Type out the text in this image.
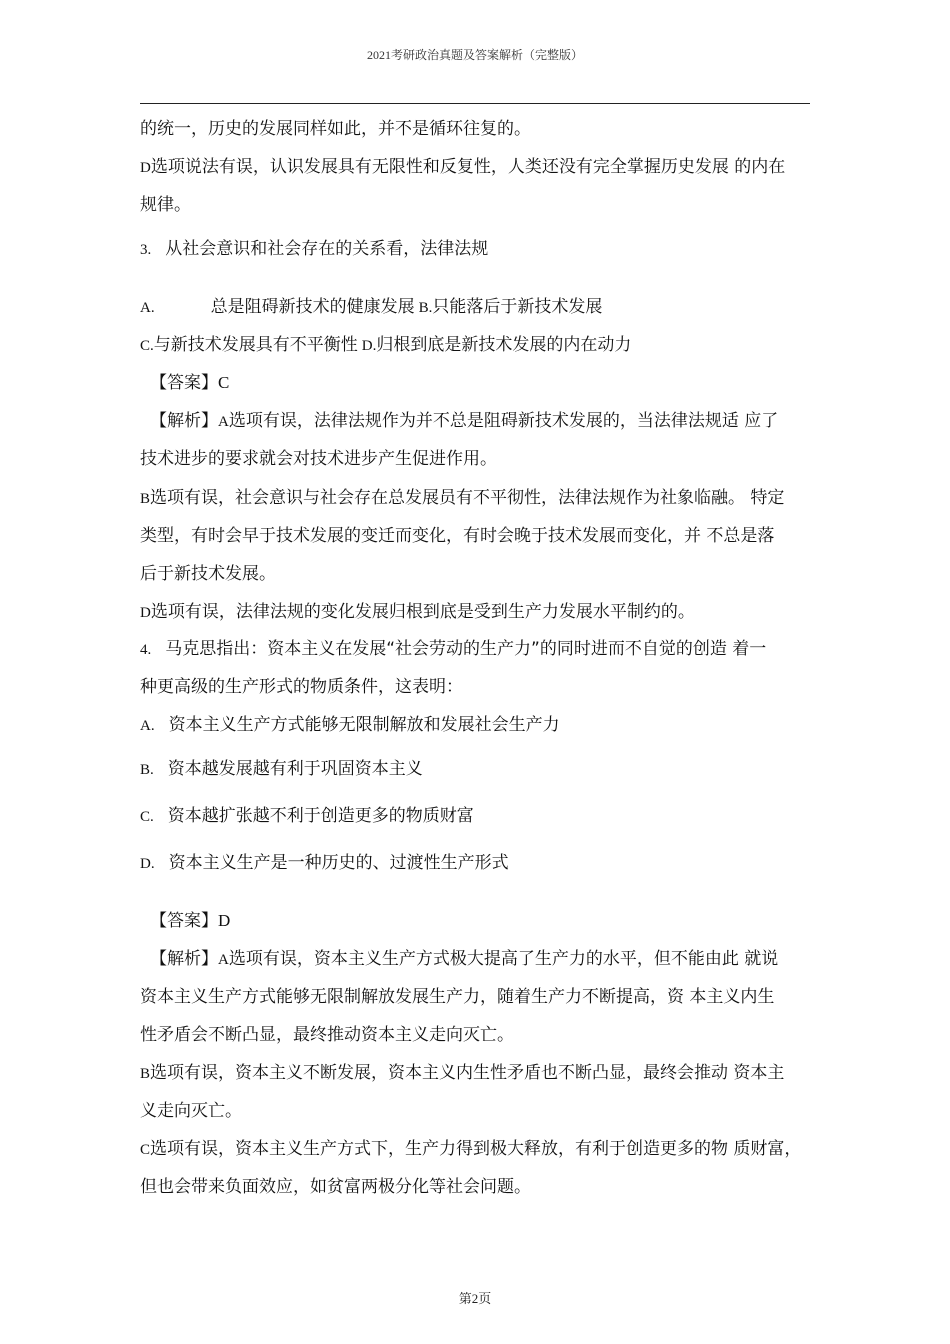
2021考研政治真题及答案解析（完整版）
的统一，历史的发展同样如此，并不是循环往复的。
D选项说法有误，认识发展具有无限性和反复性，人类还没有完全掌握历史发展 的内在
规律。
3. 从社会意识和社会存在的关系看，法律法规
A.	总是阻碍新技术的健康发展 B.只能落后于新技术发展
C.与新技术发展具有不平衡性 D.归根到底是新技术发展的内在动力
【答案】C
【解析】A选项有误，法律法规作为并不总是阻碍新技术发展的，当法律法规适 应了
技术进步的要求就会对技术进步产生促进作用。
B选项有误，社会意识与社会存在总发展员有不平彻性，法律法规作为社象临融。 特定
类型，有时会早于技术发展的变迁而变化，有时会晚于技术发展而变化，并 不总是落
后于新技术发展。
D选项有误，法律法规的变化发展归根到底是受到生产力发展水平制约的。
4. 马克思指出：资本主义在发展“社会劳动的生产力”的同时进而不自觉的创造 着一
种更高级的生产形式的物质条件，这表明：
A. 资本主义生产方式能够无限制解放和发展社会生产力
B. 资本越发展越有利于巩固资本主义
C. 资本越扩张越不利于创造更多的物质财富
D. 资本主义生产是一种历史的、过渡性生产形式
【答案】D
【解析】A选项有误，资本主义生产方式极大提高了生产力的水平，但不能由此 就说
资本主义生产方式能够无限制解放发展生产力，随着生产力不断提高，资 本主义内生
性矛盾会不断凸显，最终推动资本主义走向灭亡。
B选项有误，资本主义不断发展，资本主义内生性矛盾也不断凸显，最终会推动 资本主
义走向灭亡。
C选项有误，资本主义生产方式下，生产力得到极大释放，有利于创造更多的物 质财富，
但也会带来负面效应，如贫富两极分化等社会问题。
第2页
